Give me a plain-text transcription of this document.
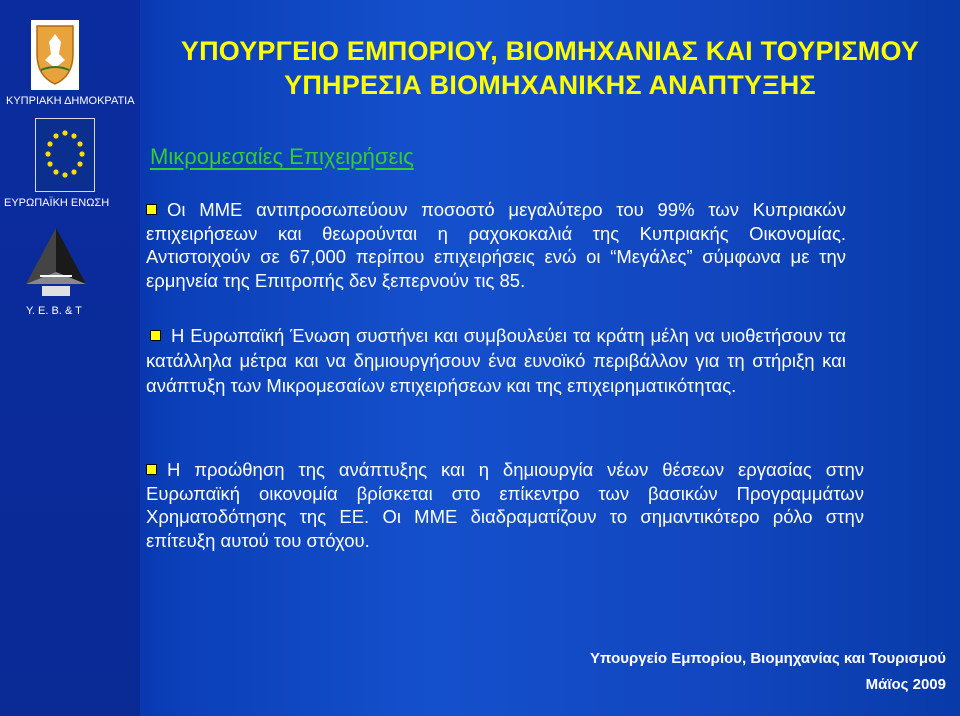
ΚΥΠΡΙΑΚΗ ΔΗΜΟΚΡΑΤΙΑ
ΕΥΡΩΠΑΪΚΗ ΕΝΩΣΗ
Υ. Ε. Β. & Τ
ΥΠΟΥΡΓΕΙΟ ΕΜΠΟΡΙΟΥ, ΒΙΟΜΗΧΑΝΙΑΣ ΚΑΙ ΤΟΥΡΙΣΜΟΥ
ΥΠΗΡΕΣΙΑ ΒΙΟΜΗΧΑΝΙΚΗΣ ΑΝΑΠΤΥΞΗΣ
Μικρομεσαίες Επιχειρήσεις
Οι ΜΜΕ αντιπροσωπεύουν ποσοστό μεγαλύτερο του 99% των Κυπριακών επιχειρήσεων και θεωρούνται η ραχοκοκαλιά της Κυπριακής Οικονομίας. Αντιστοιχούν σε 67,000 περίπου επιχειρήσεις ενώ οι “Μεγάλες” σύμφωνα με την ερμηνεία της Επιτροπής δεν ξεπερνούν τις 85.
Η Ευρωπαϊκή Ένωση συστήνει και συμβουλεύει τα κράτη μέλη να υιοθετήσουν τα κατάλληλα μέτρα και να δημιουργήσουν ένα ευνοϊκό περιβάλλον για τη στήριξη και ανάπτυξη των Μικρομεσαίων επιχειρήσεων και της επιχειρηματικότητας.
Η προώθηση της ανάπτυξης και η δημιουργία νέων θέσεων εργασίας στην Ευρωπαϊκή οικονομία βρίσκεται στο επίκεντρο των βασικών Προγραμμάτων Χρηματοδότησης της ΕΕ. Οι ΜΜΕ διαδραματίζουν το σημαντικότερο ρόλο στην επίτευξη αυτού του στόχου.
Υπουργείο Εμπορίου, Βιομηχανίας και Τουρισμού
Μάϊος 2009
